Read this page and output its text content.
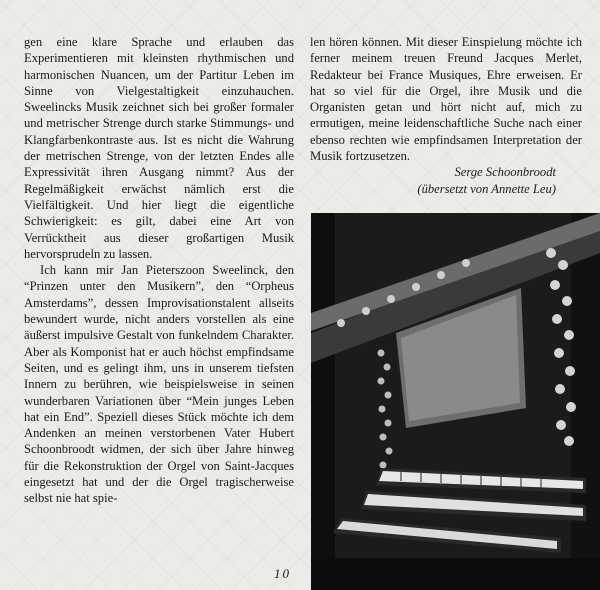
gen eine klare Sprache und erlauben das Experimentieren mit kleinsten rhythmischen und harmonischen Nuancen, um der Partitur Leben im Sinne von Vielgestaltigkeit einzuhauchen. Sweelincks Musik zeichnet sich bei großer formaler und metrischer Strenge durch starke Stimmungs- und Klangfarbenkontraste aus. Ist es nicht die Wahrung der metrischen Strenge, von der letzten Endes alle Expressivität ihren Ausgang nimmt? Aus der Regelmäßigkeit erwächst nämlich erst die Vielfältigkeit. Und hier liegt die eigentliche Schwierigkeit: es gilt, dabei eine Art von Verrücktheit aus dieser großartigen Musik hervorsprudeln zu lassen.

Ich kann mir Jan Pieterszoon Sweelinck, den “Prinzen unter den Musikern”, den “Orpheus Amsterdams”, dessen Improvisationstalent allseits bewundert wurde, nicht anders vorstellen als eine äußerst impulsive Gestalt von funkelndem Charakter. Aber als Komponist hat er auch höchst empfindsame Seiten, und es gelingt ihm, uns in unserem tiefsten Innern zu berühren, wie beispielsweise in seinen wunderbaren Variationen über “Mein junges Leben hat ein End”. Speziell dieses Stück möchte ich dem Andenken an meinen verstorbenen Vater Hubert Schoonbroodt widmen, der sich über Jahre hinweg für die Rekonstruktion der Orgel von Saint-Jacques eingesetzt hat und der die Orgel tragischerweise selbst nie hat spie-

len hören können. Mit dieser Einspielung möchte ich ferner meinem treuen Freund Jacques Merlet, Redakteur bei France Musiques, Ehre erweisen. Er hat so viel für die Orgel, ihre Musik und die Organisten getan und hört nicht auf, mich zu ermutigen, meine leidenschaftliche Suche nach einer ebenso rechten wie empfindsamen Interpretation der Musik fortzusetzen.

Serge Schoonbroodt
(übersetzt von Annette Leu)
10
